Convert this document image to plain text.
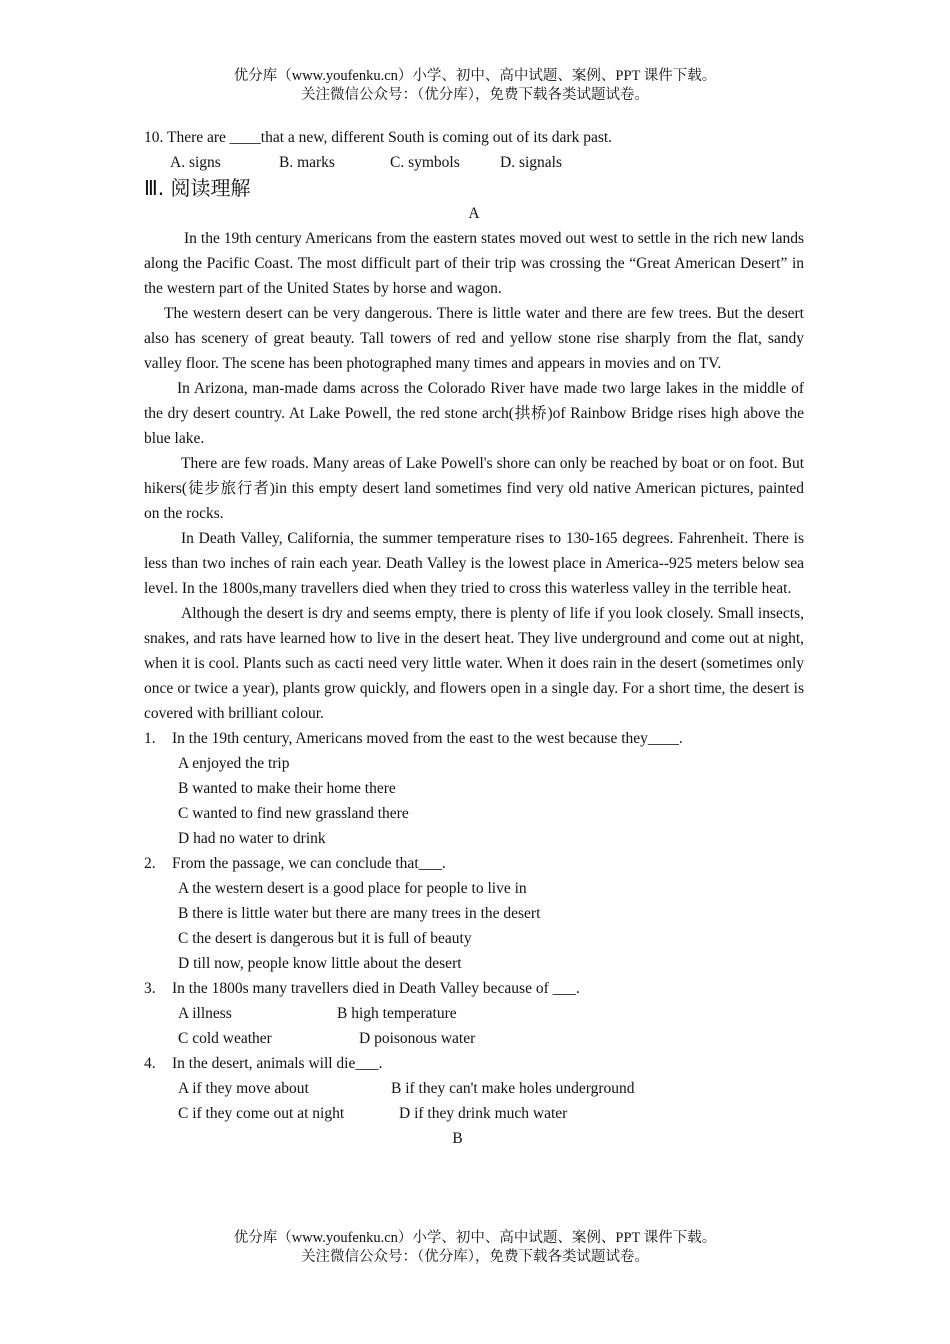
优分库（www.youfenku.cn）小学、初中、高中试题、案例、PPT 课件下载。
关注微信公众号：（优分库），免费下载各类试题试卷。
10. There are ____that a new, different South is coming out of its dark past.
A. signs	B. marks	C. symbols	D. signals
Ⅲ. 阅读理解
A
In the 19th century Americans from the eastern states moved out west to settle in the rich new lands along the Pacific Coast. The most difficult part of their trip was crossing the “Great American Desert” in the western part of the United States by horse and wagon.
The western desert can be very dangerous. There is little water and there are few trees. But the desert also has scenery of great beauty. Tall towers of red and yellow stone rise sharply from the flat, sandy valley floor. The scene has been photographed many times and appears in movies and on TV.
In Arizona, man-made dams across the Colorado River have made two large lakes in the middle of the dry desert country. At Lake Powell, the red stone arch(拱桥)of Rainbow Bridge rises high above the blue lake.
There are few roads. Many areas of Lake Powell's shore can only be reached by boat or on foot. But hikers(徒步旅行者)in this empty desert land sometimes find very old native American pictures, painted on the rocks.
In Death Valley, California, the summer temperature rises to 130-165 degrees. Fahrenheit. There is less than two inches of rain each year. Death Valley is the lowest place in America--925 meters below sea level. In the 1800s,many travellers died when they tried to cross this waterless valley in the terrible heat.
Although the desert is dry and seems empty, there is plenty of life if you look closely. Small insects, snakes, and rats have learned how to live in the desert heat. They live underground and come out at night, when it is cool. Plants such as cacti need very little water. When it does rain in the desert (sometimes only once or twice a year), plants grow quickly, and flowers open in a single day. For a short time, the desert is covered with brilliant colour.
1. In the 19th century, Americans moved from the east to the west because they____.
A enjoyed the trip
B wanted to make their home there
C wanted to find new grassland there
D had no water to drink
2. From the passage, we can conclude that___.
A the western desert is a good place for people to live in
B there is little water but there are many trees in the desert
C the desert is dangerous but it is full of beauty
D till now, people know little about the desert
3. In the 1800s many travellers died in Death Valley because of ___.
A illness	B high temperature
C cold weather	D poisonous water
4. In the desert, animals will die___.
A if they move about	B if they can't make holes underground
C if they come out at night	D if they drink much water
B
优分库（www.youfenku.cn）小学、初中、高中试题、案例、PPT 课件下载。
关注微信公众号：（优分库），免费下载各类试题试卷。
